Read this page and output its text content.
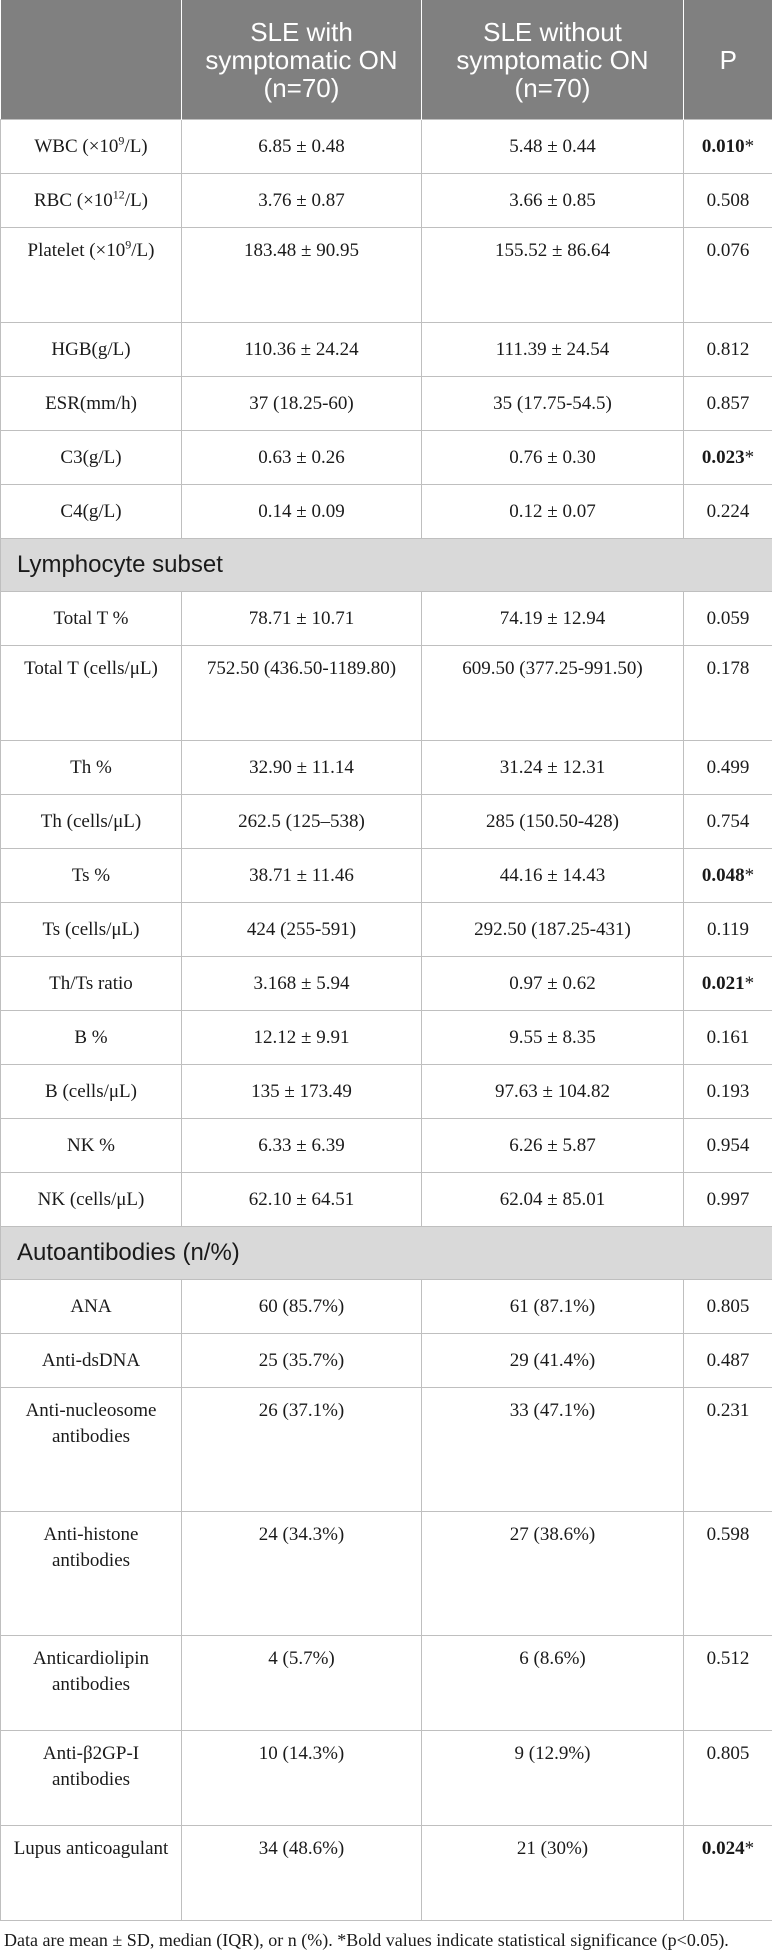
	SLE with symptomatic ON (n=70)	SLE without symptomatic ON (n=70)	P
WBC $(\times 10^9/L)$	6.85 ± 0.48	5.48 ± 0.44	0.010*
RBC $(\times 10^{12}/L)$	3.76 ± 0.87	3.66 ± 0.85	0.508
Platelet $(\times 10^9/L)$	183.48 ± 90.95	155.52 ± 86.64	0.076
HGB(g/L)	110.36 ± 24.24	111.39 ± 24.54	0.812
ESR(mm/h)	37 (18.25-60)	35 (17.75-54.5)	0.857
C3(g/L)	0.63 ± 0.26	0.76 ± 0.30	0.023*
C4(g/L)	0.14 ± 0.09	0.12 ± 0.07	0.224
Lymphocyte subset			
Total T %	78.71 ± 10.71	74.19 ± 12.94	0.059
Total T (cells/μL)	752.50 (436.50-1189.80)	609.50 (377.25-991.50)	0.178
Th %	32.90 ± 11.14	31.24 ± 12.31	0.499
Th (cells/μL)	262.5 (125–538)	285 (150.50-428)	0.754
Ts %	38.71 ± 11.46	44.16 ± 14.43	0.048*
Ts (cells/μL)	424 (255-591)	292.50 (187.25-431)	0.119
Th/Ts ratio	3.168 ± 5.94	0.97 ± 0.62	0.021*
B %	12.12 ± 9.91	9.55 ± 8.35	0.161
B (cells/μL)	135 ± 173.49	97.63 ± 104.82	0.193
NK %	6.33 ± 6.39	6.26 ± 5.87	0.954
NK (cells/μL)	62.10 ± 64.51	62.04 ± 85.01	0.997
Autoantibodies (n/%)			
ANA	60 (85.7%)	61 (87.1%)	0.805
Anti-dsDNA	25 (35.7%)	29 (41.4%)	0.487
Anti-nucleosome antibodies	26 (37.1%)	33 (47.1%)	0.231
Anti-histone antibodies	24 (34.3%)	27 (38.6%)	0.598
Anticardiolipin antibodies	4 (5.7%)	6 (8.6%)	0.512
Anti-β2GP-I antibodies	10 (14.3%)	9 (12.9%)	0.805
Lupus anticoagulant	34 (48.6%)	21 (30%)	0.024*

Data are mean ± SD, median (IQR), or n (%). *Bold values indicate statistical significance (p<0.05).
